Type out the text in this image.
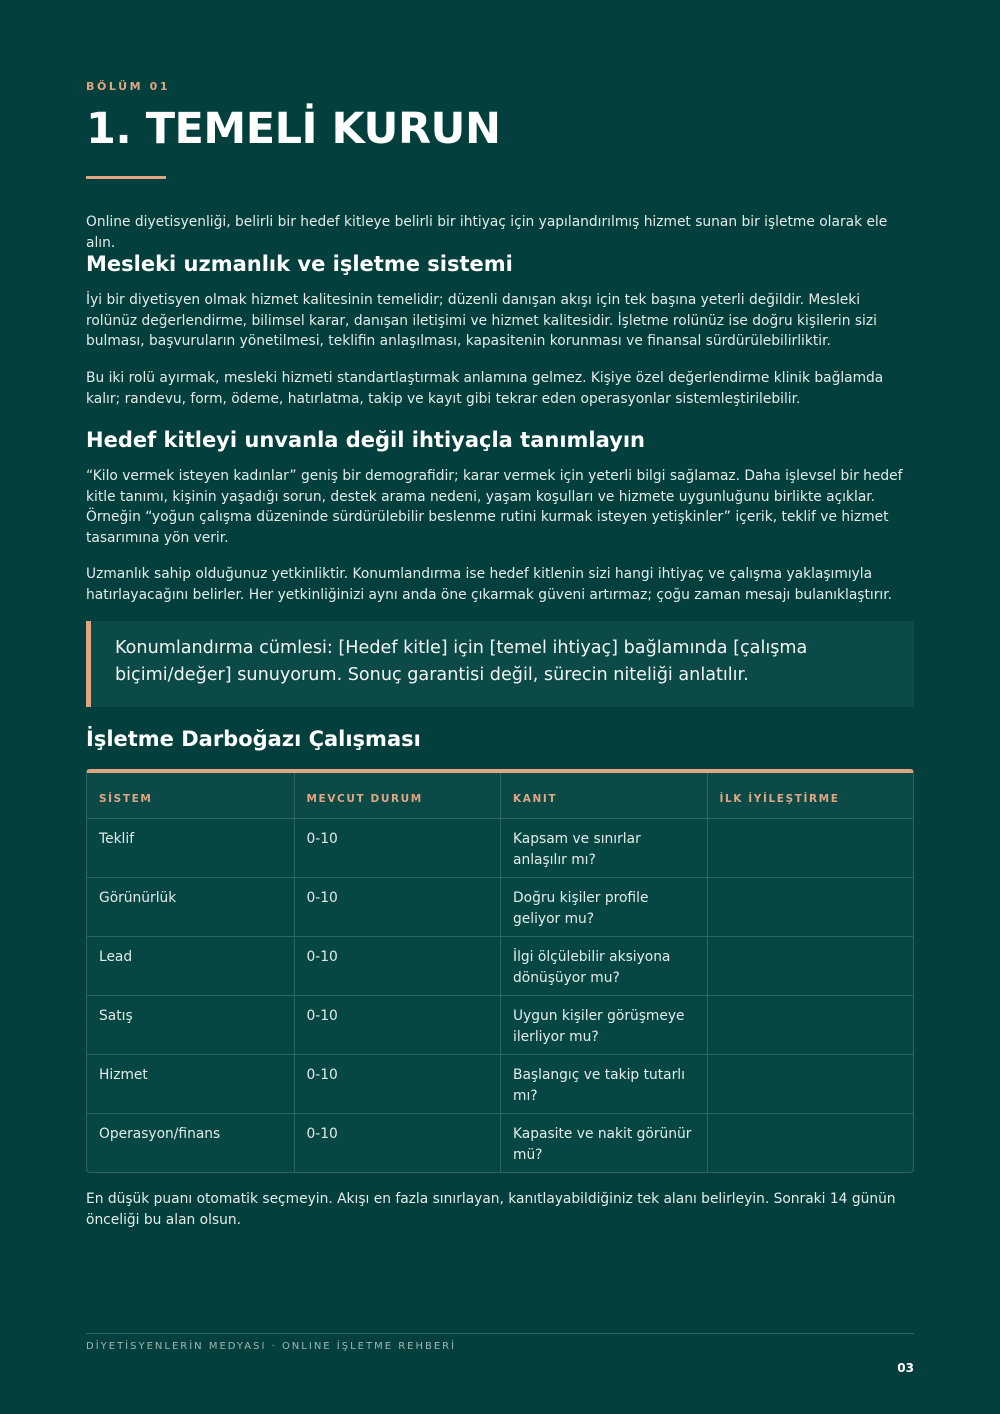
BÖLÜM 01
1. TEMELİ KURUN

Online diyetisyenliği, belirli bir hedef kitleye belirli bir ihtiyaç için yapılandırılmış hizmet sunan bir işletme olarak ele alın.

Mesleki uzmanlık ve işletme sistemi

İyi bir diyetisyen olmak hizmet kalitesinin temelidir; düzenli danışan akışı için tek başına yeterli değildir. Mesleki rolünüz değerlendirme, bilimsel karar, danışan iletişimi ve hizmet kalitesidir. İşletme rolünüz ise doğru kişilerin sizi bulması, başvuruların yönetilmesi, teklifin anlaşılması, kapasitenin korunması ve finansal sürdürülebilirliktir.

Bu iki rolü ayırmak, mesleki hizmeti standartlaştırmak anlamına gelmez. Kişiye özel değerlendirme klinik bağlamda kalır; randevu, form, ödeme, hatırlatma, takip ve kayıt gibi tekrar eden operasyonlar sistemleştirilebilir.

Hedef kitleyi unvanla değil ihtiyaçla tanımlayın

“Kilo vermek isteyen kadınlar” geniş bir demografidir; karar vermek için yeterli bilgi sağlamaz. Daha işlevsel bir hedef kitle tanımı, kişinin yaşadığı sorun, destek arama nedeni, yaşam koşulları ve hizmete uygunluğunu birlikte açıklar. Örneğin “yoğun çalışma düzeninde sürdürülebilir beslenme rutini kurmak isteyen yetişkinler” içerik, teklif ve hizmet tasarımına yön verir.

Uzmanlık sahip olduğunuz yetkinliktir. Konumlandırma ise hedef kitlenin sizi hangi ihtiyaç ve çalışma yaklaşımıyla hatırlayacağını belirler. Her yetkinliğinizi aynı anda öne çıkarmak güveni artırmaz; çoğu zaman mesajı bulanıklaştırır.

Konumlandırma cümlesi: [Hedef kitle] için [temel ihtiyaç] bağlamında [çalışma biçimi/değer] sunuyorum. Sonuç garantisi değil, sürecin niteliği anlatılır.
İşletme Darboğazı Çalışması
SİSTEM	MEVCUT DURUM	KANIT	İLK İYİLEŞTİRME
Teklif	0-10	Kapsam ve sınırlar anlaşılır mı?
Görünürlük	0-10	Doğru kişiler profile geliyor mu?
Lead	0-10	İlgi ölçülebilir aksiyona dönüşüyor mu?
Satış	0-10	Uygun kişiler görüşmeye ilerliyor mu?
Hizmet	0-10	Başlangıç ve takip tutarlı mı?
Operasyon/finans	0-10	Kapasite ve nakit görünür mü?

En düşük puanı otomatik seçmeyin. Akışı en fazla sınırlayan, kanıtlayabildiğiniz tek alanı belirleyin. Sonraki 14 günün önceliği bu alan olsun.

DİYETİSYENLERİN MEDYASI · ONLINE İŞLETME REHBERİ
03
